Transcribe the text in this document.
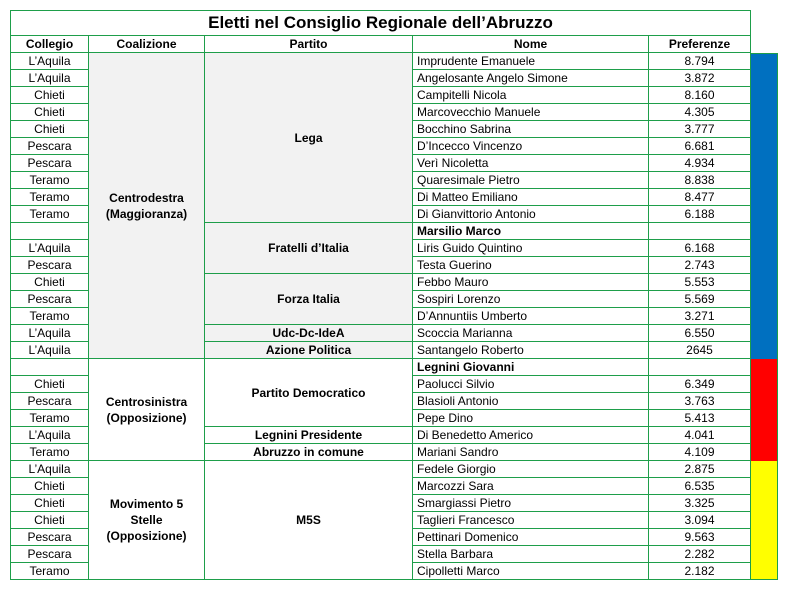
Eletti nel Consiglio Regionale dell’Abruzzo				
Collegio	Coalizione	Partito	Nome	Preferenze
L’Aquila	Centrodestra (Maggioranza)	Lega	Imprudente Emanuele	8.794
L’Aquila			Angelosante Angelo Simone	3.872
Chieti			Campitelli Nicola	8.160
Chieti			Marcovecchio Manuele	4.305
Chieti			Bocchino Sabrina	3.777
Pescara			D’Incecco Vincenzo	6.681
Pescara			Verì Nicoletta	4.934
Teramo			Quaresimale Pietro	8.838
Teramo			Di Matteo Emiliano	8.477
Teramo			Di Gianvittorio Antonio	6.188
		Fratelli d’Italia	Marsilio Marco	
L’Aquila			Liris Guido Quintino	6.168
Pescara			Testa Guerino	2.743
Chieti		Forza Italia	Febbo Mauro	5.553
Pescara			Sospiri Lorenzo	5.569
Teramo			D’Annuntiis Umberto	3.271
L’Aquila		Udc-Dc-IdeA	Scoccia Marianna	6.550
L’Aquila		Azione Politica	Santangelo Roberto	2645
	Centrosinistra (Opposizione)	Partito Democratico	Legnini Giovanni	
Chieti			Paolucci Silvio	6.349
Pescara			Blasioli Antonio	3.763
Teramo			Pepe Dino	5.413
L’Aquila		Legnini Presidente	Di Benedetto Americo	4.041
Teramo		Abruzzo in comune	Mariani Sandro	4.109
L’Aquila	Movimento 5 Stelle (Opposizione)	M5S	Fedele Giorgio	2.875
Chieti			Marcozzi Sara	6.535
Chieti			Smargiassi Pietro	3.325
Chieti			Taglieri Francesco	3.094
Pescara			Pettinari Domenico	9.563
Pescara			Stella Barbara	2.282
Teramo			Cipolletti Marco	2.182
